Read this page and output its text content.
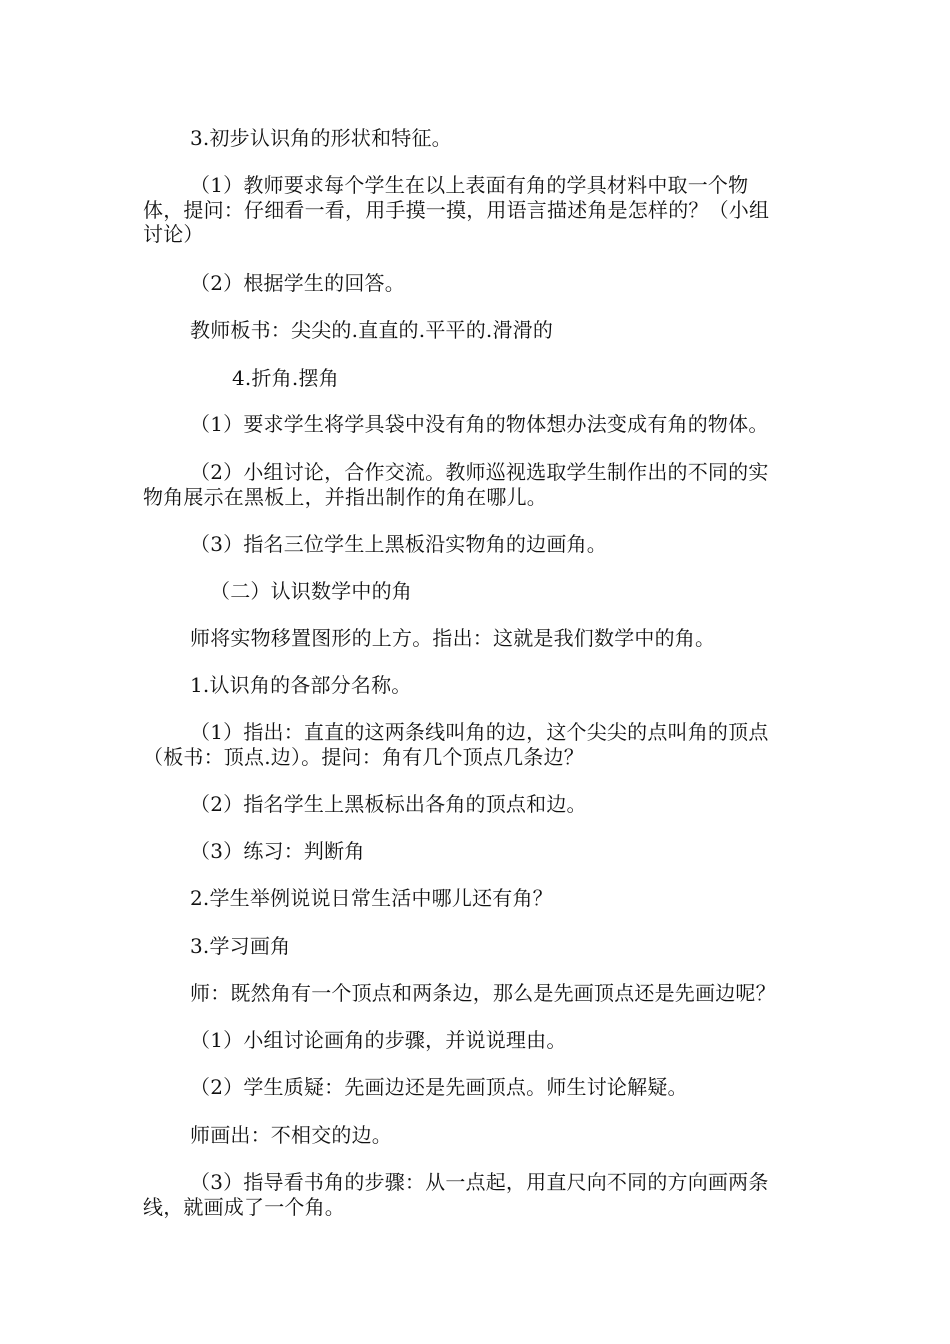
3.初步认识角的形状和特征。
（1）教师要求每个学生在以上表面有角的学具材料中取一个物
体，提问：仔细看一看，用手摸一摸，用语言描述角是怎样的？（小组
讨论）
（2）根据学生的回答。
教师板书：尖尖的.直直的.平平的.滑滑的
4.折角.摆角
（1）要求学生将学具袋中没有角的物体想办法变成有角的物体。
（2）小组讨论，合作交流。教师巡视选取学生制作出的不同的实
物角展示在黑板上，并指出制作的角在哪儿。
（3）指名三位学生上黑板沿实物角的边画角。
（二）认识数学中的角
师将实物移置图形的上方。指出：这就是我们数学中的角。
1.认识角的各部分名称。
（1）指出：直直的这两条线叫角的边，这个尖尖的点叫角的顶点
（板书：顶点.边）。提问：角有几个顶点几条边？
（2）指名学生上黑板标出各角的顶点和边。
（3）练习：判断角
2.学生举例说说日常生活中哪儿还有角？
3.学习画角
师：既然角有一个顶点和两条边，那么是先画顶点还是先画边呢？
（1）小组讨论画角的步骤，并说说理由。
（2）学生质疑：先画边还是先画顶点。师生讨论解疑。
师画出：不相交的边。
（3）指导看书角的步骤：从一点起，用直尺向不同的方向画两条
线，就画成了一个角。
